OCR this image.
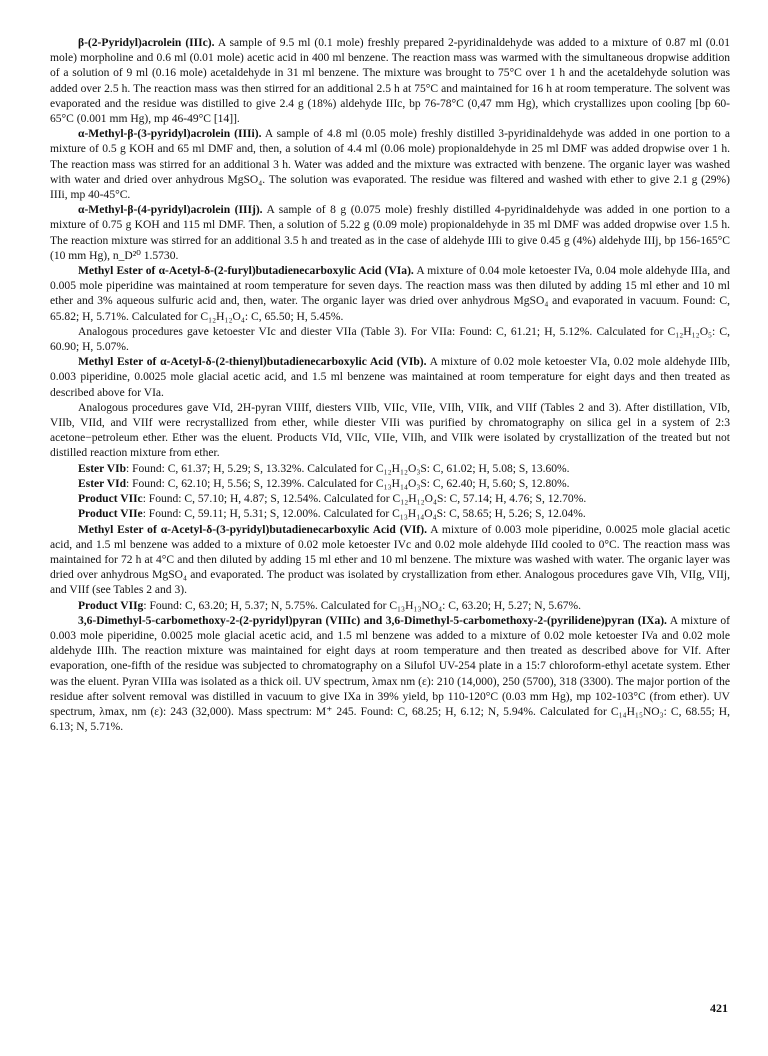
β-(2-Pyridyl)acrolein (IIIc). A sample of 9.5 ml (0.1 mole) freshly prepared 2-pyridinaldehyde was added to a mixture of 0.87 ml (0.01 mole) morpholine and 0.6 ml (0.01 mole) acetic acid in 400 ml benzene. The reaction mass was warmed with the simultaneous dropwise addition of a solution of 9 ml (0.16 mole) acetaldehyde in 31 ml benzene. The mixture was brought to 75°C over 1 h and the acetaldehyde solution was added over 2.5 h. The reaction mass was then stirred for an additional 2.5 h at 75°C and maintained for 16 h at room temperature. The solvent was evaporated and the residue was distilled to give 2.4 g (18%) aldehyde IIIc, bp 76-78°C (0,47 mm Hg), which crystallizes upon cooling [bp 60-65°C (0.001 mm Hg), mp 46-49°C [14]].

α-Methyl-β-(3-pyridyl)acrolein (IIIi). A sample of 4.8 ml (0.05 mole) freshly distilled 3-pyridinaldehyde was added in one portion to a mixture of 0.5 g KOH and 65 ml DMF and, then, a solution of 4.4 ml (0.06 mole) propionaldehyde in 25 ml DMF was added dropwise over 1 h. The reaction mass was stirred for an additional 3 h. Water was added and the mixture was extracted with benzene. The organic layer was washed with water and dried over anhydrous MgSO₄. The solution was evaporated. The residue was filtered and washed with ether to give 2.1 g (29%) IIIi, mp 40-45°C.

α-Methyl-β-(4-pyridyl)acrolein (IIIj). A sample of 8 g (0.075 mole) freshly distilled 4-pyridinaldehyde was added in one portion to a mixture of 0.75 g KOH and 115 ml DMF. Then, a solution of 5.22 g (0.09 mole) propionaldehyde in 35 ml DMF was added dropwise over 1.5 h. The reaction mixture was stirred for an additional 3.5 h and treated as in the case of aldehyde IIIi to give 0.45 g (4%) aldehyde IIIj, bp 156-165°C (10 mm Hg), n_D²⁰ 1.5730.

Methyl Ester of α-Acetyl-δ-(2-furyl)butadienecarboxylic Acid (VIa). A mixture of 0.04 mole ketoester IVa, 0.04 mole aldehyde IIIa, and 0.005 mole piperidine was maintained at room temperature for seven days. The reaction mass was then diluted by adding 15 ml ether and 10 ml ether and 3% aqueous sulfuric acid and, then, water. The organic layer was dried over anhydrous MgSO₄ and evaporated in vacuum. Found: C, 65.82; H, 5.71%. Calculated for C₁₂H₁₂O₄: C, 65.50; H, 5.45%.

Analogous procedures gave ketoester VIc and diester VIIa (Table 3). For VIIa: Found: C, 61.21; H, 5.12%. Calculated for C₁₂H₁₂O₅: C, 60.90; H, 5.07%.

Methyl Ester of α-Acetyl-δ-(2-thienyl)butadienecarboxylic Acid (VIb). A mixture of 0.02 mole ketoester VIa, 0.02 mole aldehyde IIIb, 0.003 piperidine, 0.0025 mole glacial acetic acid, and 1.5 ml benzene was maintained at room temperature for eight days and then treated as described above for VIa.

Analogous procedures gave VId, 2H-pyran VIIIf, diesters VIIb, VIIc, VIIe, VIIh, VIIk, and VIIf (Tables 2 and 3). After distillation, VIb, VIIb, VIId, and VIIf were recrystallized from ether, while diester VIIi was purified by chromatography on silica gel in a system of 2:3 acetone−petroleum ether. Ether was the eluent. Products VId, VIIc, VIIe, VIIh, and VIIk were isolated by crystallization of the treated but not distilled reaction mixture from ether.

Ester VIb: Found: C, 61.37; H, 5.29; S, 13.32%. Calculated for C₁₂H₁₂O₃S: C, 61.02; H, 5.08; S, 13.60%.

Ester VId: Found: C, 62.10; H, 5.56; S, 12.39%. Calculated for C₁₃H₁₄O₃S: C, 62.40; H, 5.60; S, 12.80%.

Product VIIc: Found: C, 57.10; H, 4.87; S, 12.54%. Calculated for C₁₂H₁₂O₄S: C, 57.14; H, 4.76; S, 12.70%.

Product VIIe: Found: C, 59.11; H, 5.31; S, 12.00%. Calculated for C₁₃H₁₄O₄S: C, 58.65; H, 5.26; S, 12.04%.

Methyl Ester of α-Acetyl-δ-(3-pyridyl)butadienecarboxylic Acid (VIf). A mixture of 0.003 mole piperidine, 0.0025 mole glacial acetic acid, and 1.5 ml benzene was added to a mixture of 0.02 mole ketoester IVc and 0.02 mole aldehyde IIId cooled to 0°C. The reaction mass was maintained for 72 h at 4°C and then diluted by adding 15 ml ether and 10 ml benzene. The mixture was washed with water. The organic layer was dried over anhydrous MgSO₄ and evaporated. The product was isolated by crystallization from ether. Analogous procedures gave VIh, VIIg, VIIj, and VIIf (see Tables 2 and 3).

Product VIIg: Found: C, 63.20; H, 5.37; N, 5.75%. Calculated for C₁₃H₁₃NO₄: C, 63.20; H, 5.27; N, 5.67%.

3,6-Dimethyl-5-carbomethoxy-2-(2-pyridyl)pyran (VIIIc) and 3,6-Dimethyl-5-carbomethoxy-2-(pyrilidene)pyran (IXa). A mixture of 0.003 mole piperidine, 0.0025 mole glacial acetic acid, and 1.5 ml benzene was added to a mixture of 0.02 mole ketoester IVa and 0.02 mole aldehyde IIIh. The reaction mixture was maintained for eight days at room temperature and then treated as described above for VIf. After evaporation, one-fifth of the residue was subjected to chromatography on a Silufol UV-254 plate in a 15:7 chloroform-ethyl acetate system. Ether was the eluent. Pyran VIIIa was isolated as a thick oil. UV spectrum, λmax nm (ε): 210 (14,000), 250 (5700), 318 (3300). The major portion of the residue after solvent removal was distilled in vacuum to give IXa in 39% yield, bp 110-120°C (0.03 mm Hg), mp 102-103°C (from ether). UV spectrum, λmax, nm (ε): 243 (32,000). Mass spectrum: M⁺ 245. Found: C, 68.25; H, 6.12; N, 5.94%. Calculated for C₁₄H₁₅NO₃: C, 68.55; H, 6.13; N, 5.71%.

421
